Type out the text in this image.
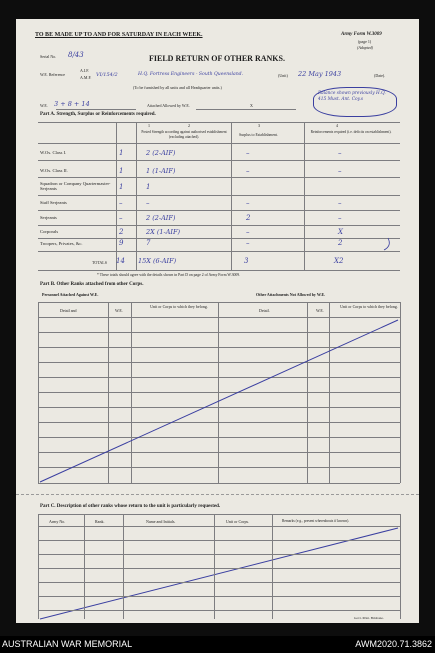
TO BE MADE UP TO AND FOR SATURDAY IN EACH WEEK.	Army Form W.3009
(page 1)
(Adapted)
Serial No. 8/43	FIELD RETURN OF OTHER RANKS.
W.E. Reference
A.I.F.
A.M.F. VI/154/2	H.Q. Fortress Engineers - South Queensland.	(Unit) 22 May 1943	(Date).
(To be furnished by all units and all Headquarter units.)
W.E. 3 + 8 + 14	Attached Allowed by W.E.	X
Balance shown previously H.Q. 415 Must. Ant. Coy.s
Part A. Strength, Surplus or Reinforcements required.
1	2	3	4
Posted Strength according against authorised establishment (excluding attached).	Surplus to Establishment.
Reinforcements required (i.e. deficits on establishment).
W.Os. Class I.	1	2 (2-AIF)	–	–
W.Os. Class II.	1	1 (1-AIF)	–	–
Squadron or Company Quartermaster-Serjeants	1	1
Staff Serjeants	–	–	–	–
Serjeants	–	2 (2-AIF)	2	–
Corporals	2	2X (1-AIF)	–	X
Troopers, Privates, &c.	9	7	–	2
TOTALS 14 15X (6-AIF)	3	X2
* These totals should agree with the details shown in Part D on page 2 of Army Form W.3009.
Part B. Other Ranks attached from other Corps.
Personnel Attached Against W.E.	Other Attachments Not Allowed by W.E.
Detail and	W.E.
Unit or Corps to which they belong.
Detail.	W.E.
Unit or Corps to which they belong.
Part C. Description of other ranks whose return to the unit is particularly requested.
Army No.	Rank.	Name and Initials.	Unit or Corps.	Remarks (e.g., present whereabouts if known).
Govt. Print. Brisbane.
AUSTRALIAN WAR MEMORIAL	AWM2020.71.3862
